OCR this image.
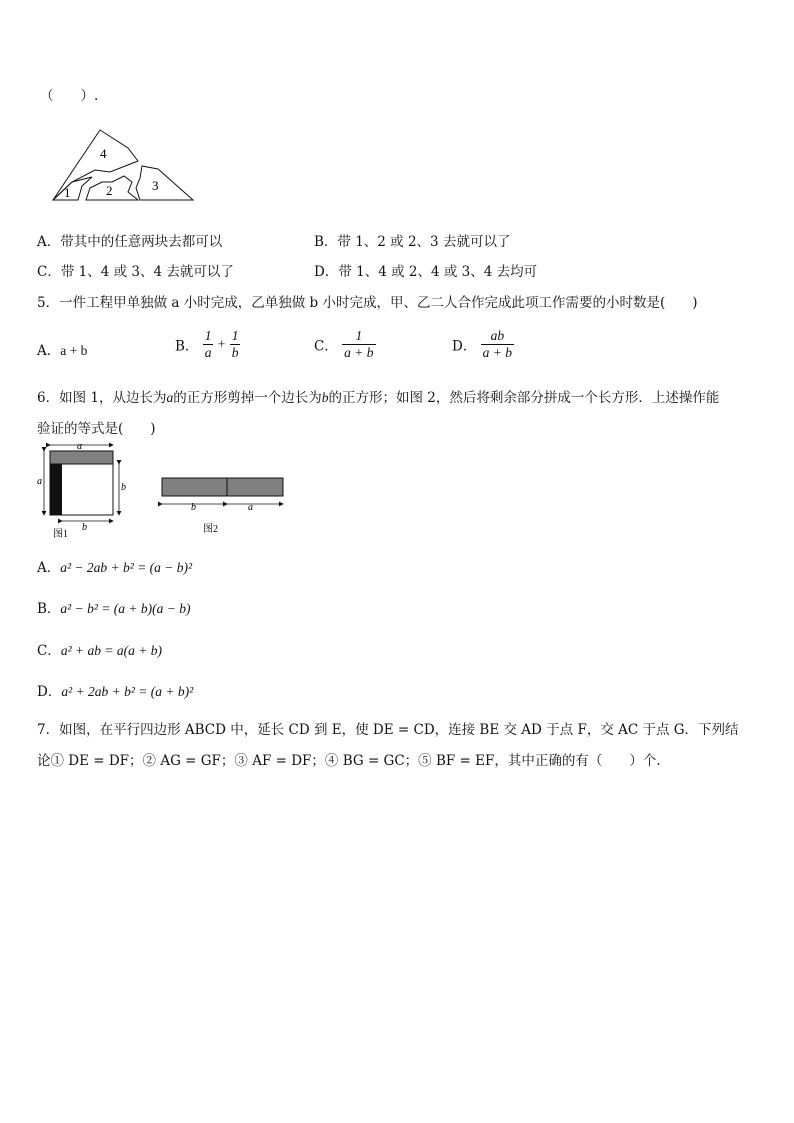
（　　）.
4
1	2	3
A．带其中的任意两块去都可以	B．带 1、2 或 2、3 去就可以了
C．带 1、4 或 3、4 去就可以了	D．带 1、4 或 2、4 或 3、4 去均可
5．一件工程甲单独做 a 小时完成，乙单独做 b 小时完成，甲、乙二人合作完成此项工作需要的小时数是(　　)
A．a + b	B． $\frac{1}{a} + \frac{1}{b}$	C． $\frac{1}{a + b}$	D． $\frac{ab}{a + b}$
6．如图 1，从边长为a的正方形剪掉一个边长为b的正方形；如图 2，然后将剩余部分拼成一个长方形．上述操作能
验证的等式是(　　)
a
a
b
b
图1
b	a
图2
A．a² − 2ab + b² = (a − b)²
B．a² − b² = (a + b)(a − b)
C．a² + ab = a(a + b)
D．a² + 2ab + b² = (a + b)²
7．如图，在平行四边形 ABCD 中，延长 CD 到 E，使 DE = CD，连接 BE 交 AD 于点 F，交 AC 于点 G．下列结
论① DE = DF；② AG = GF；③ AF = DF；④ BG = GC；⑤ BF = EF，其中正确的有（　　）个.
